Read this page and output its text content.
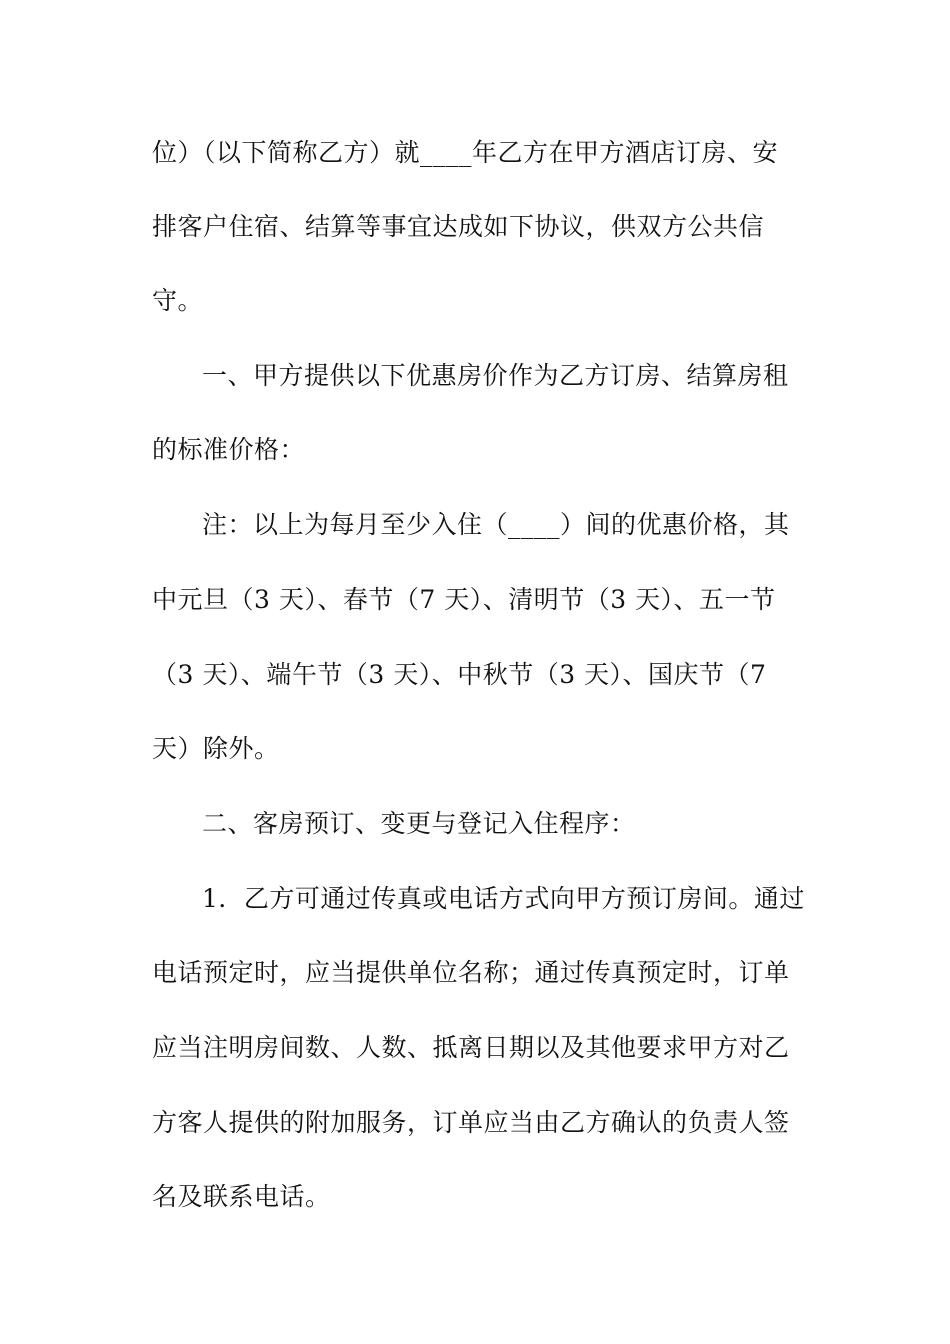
位）（以下简称乙方）就____年乙方在甲方酒店订房、安
排客户住宿、结算等事宜达成如下协议，供双方公共信
守。
一、甲方提供以下优惠房价作为乙方订房、结算房租
的标准价格：
注：以上为每月至少入住（____）间的优惠价格，其
中元旦（3 天）、春节（7 天）、清明节（3 天）、五一节
（3 天）、端午节（3 天）、中秋节（3 天）、国庆节（7
天）除外。
二、客房预订、变更与登记入住程序：
1．乙方可通过传真或电话方式向甲方预订房间。通过
电话预定时，应当提供单位名称；通过传真预定时，订单
应当注明房间数、人数、抵离日期以及其他要求甲方对乙
方客人提供的附加服务，订单应当由乙方确认的负责人签
名及联系电话。
